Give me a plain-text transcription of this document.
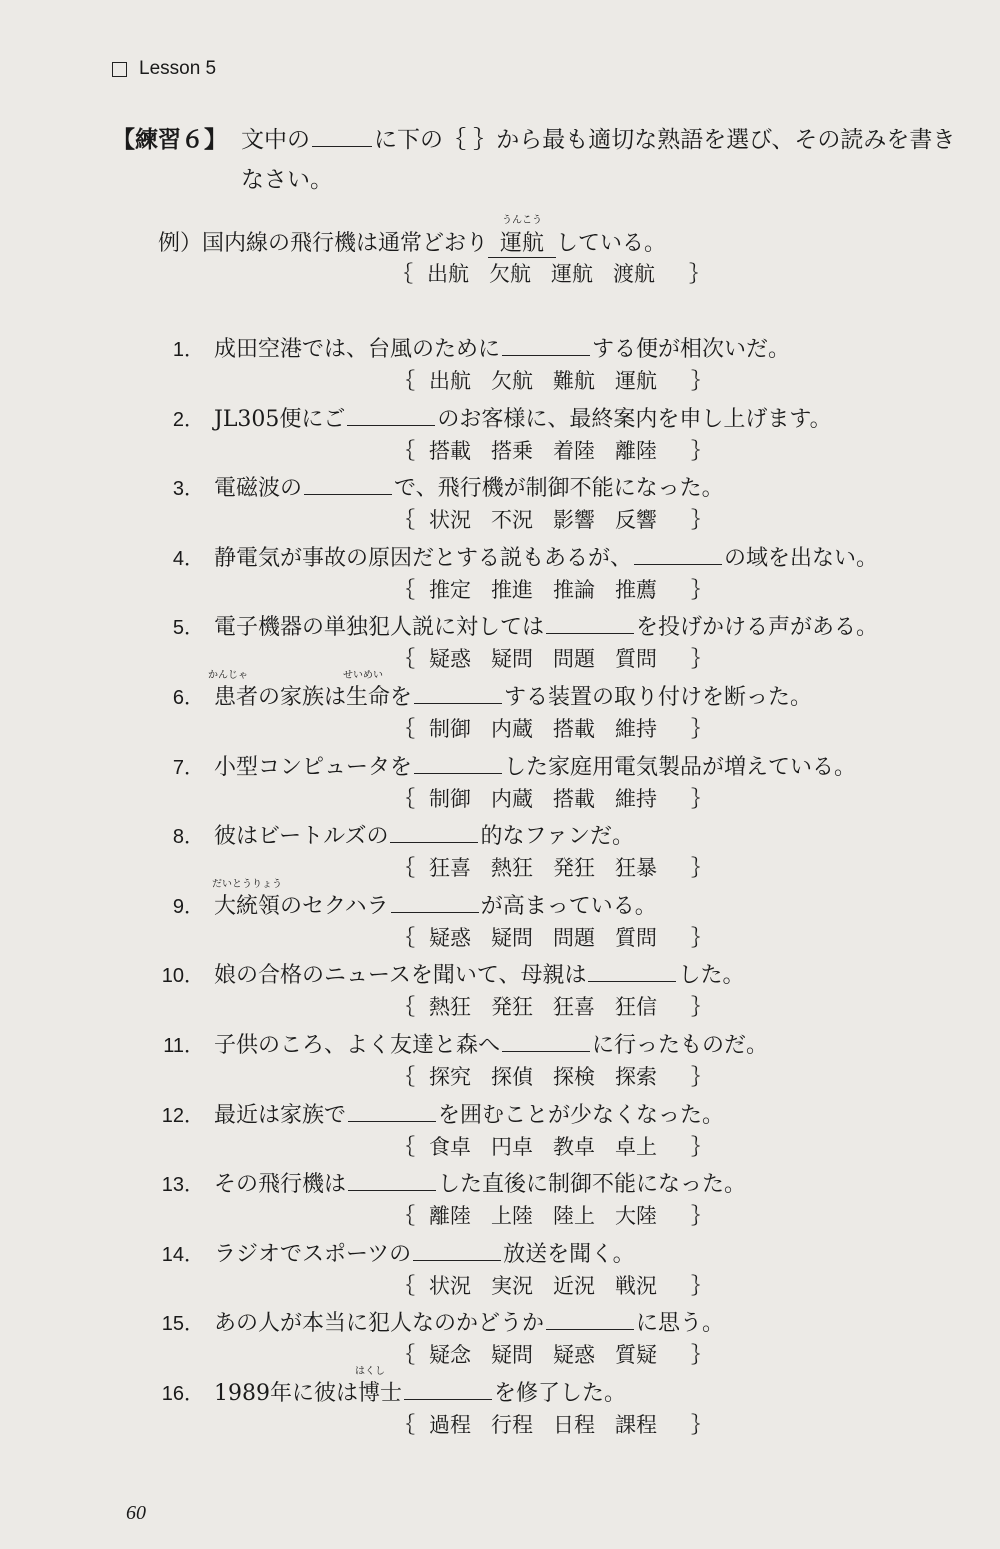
Lesson 5
【練習６】 文中の	に下の｛ ｝から最も適切な熟語を選び、その読みを書き
なさい。
例）国内線の飛行機は通常どおり
うんこう
運航 している。
｛ 出航 欠航 運航 渡航 ｝
1． 成田空港では、台風のために	する便が相次いだ。
｛ 出航 欠航 難航 運航 ｝
2． JL305便にご	のお客様に、最終案内を申し上げます。
｛ 搭載 搭乗 着陸 離陸 ｝
3． 電磁波の	で、飛行機が制御不能になった。
｛ 状況 不況 影響 反響 ｝
4． 静電気が事故の原因だとする説もあるが、	の域を出ない。
｛ 推定 推進 推論 推薦 ｝
5． 電子機器の単独犯人説に対しては	を投げかける声がある。
｛ 疑惑 疑問 問題 質問 ｝
6． 患者の家族は生命を	する装置の取り付けを断った。
かんじゃ	せいめい
｛ 制御 内蔵 搭載 維持 ｝
7． 小型コンピュータを	した家庭用電気製品が増えている。
｛ 制御 内蔵 搭載 維持 ｝
8． 彼はビートルズの	的なファンだ。
｛ 狂喜 熱狂 発狂 狂暴 ｝
9． 大統領のセクハラ	が高まっている。
だいとうりょう
｛ 疑惑 疑問 問題 質問 ｝
10． 娘の合格のニュースを聞いて、母親は	した。
｛ 熱狂 発狂 狂喜 狂信 ｝
11． 子供のころ、よく友達と森へ	に行ったものだ。
｛ 探究 探偵 探検 探索 ｝
12． 最近は家族で	を囲むことが少なくなった。
｛ 食卓 円卓 教卓 卓上 ｝
13． その飛行機は	した直後に制御不能になった。
｛ 離陸 上陸 陸上 大陸 ｝
14． ラジオでスポーツの	放送を聞く。
｛ 状況 実況 近況 戦況 ｝
15． あの人が本当に犯人なのかどうか	に思う。
｛ 疑念 疑問 疑惑 質疑 ｝
16． 1989年に彼は博士	を修了した。
はくし
｛ 過程 行程 日程 課程 ｝
60
